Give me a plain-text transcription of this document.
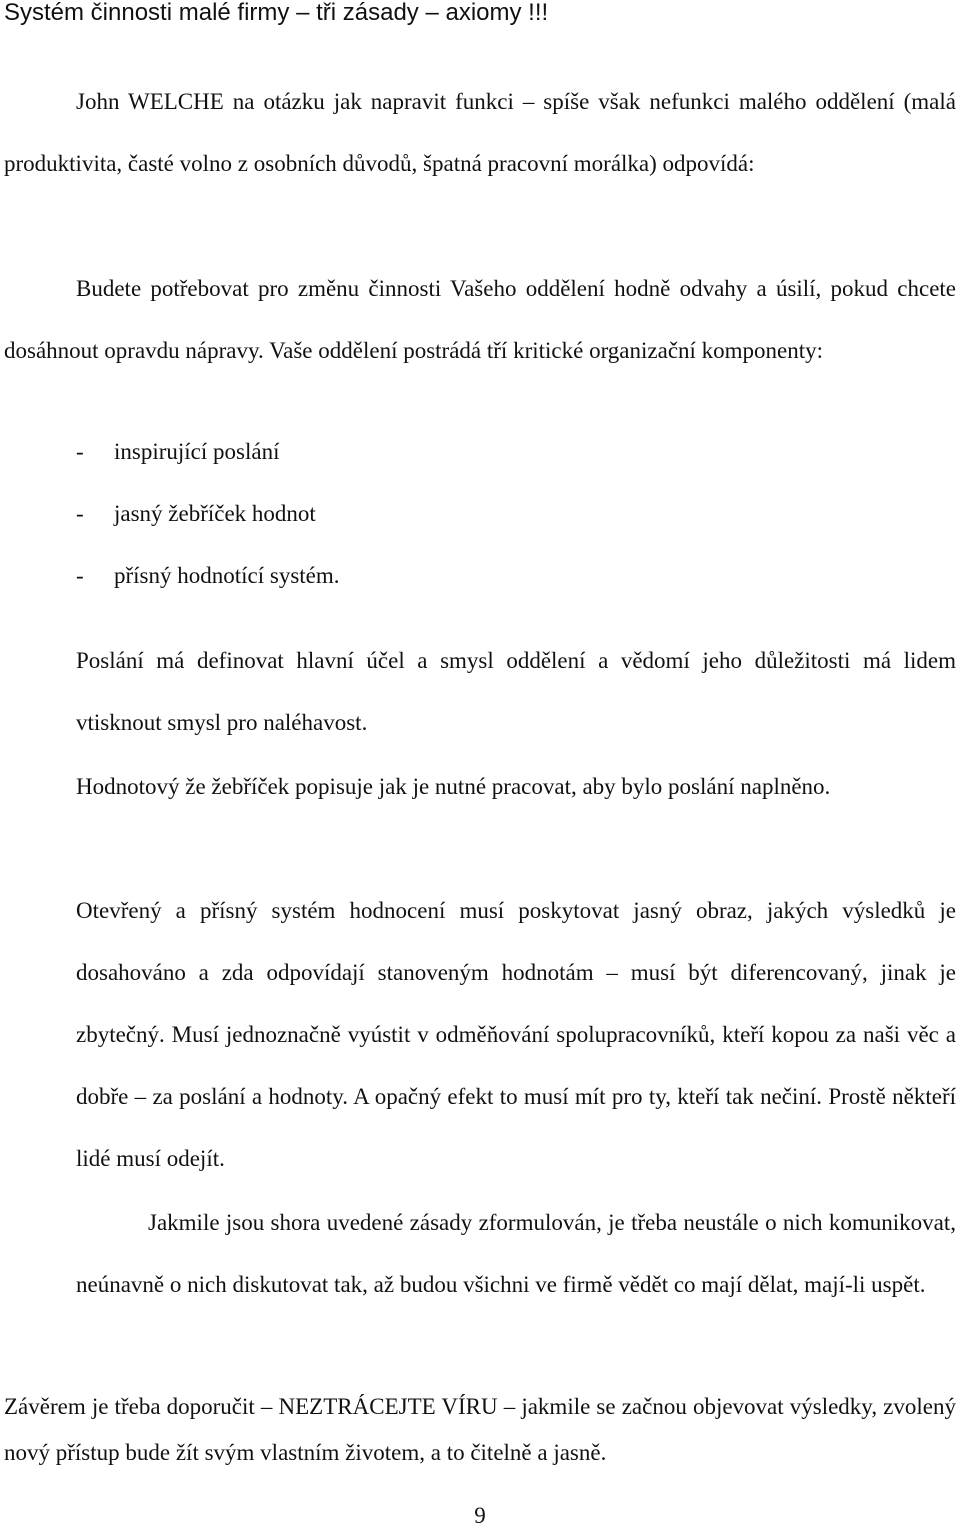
Systém činnosti malé firmy – tři zásady – axiomy !!!

John WELCHE na otázku jak napravit funkci – spíše však nefunkci malého oddělení (malá produktivita, časté volno z osobních důvodů, špatná pracovní morálka) odpovídá:

Budete potřebovat pro změnu činnosti Vašeho oddělení hodně odvahy a úsilí, pokud chcete dosáhnout opravdu nápravy. Vaše oddělení postrádá tří kritické organizační komponenty:

- inspirující poslání
- jasný žebříček hodnot
- přísný hodnotící systém.

Poslání má definovat hlavní účel a smysl oddělení a vědomí jeho důležitosti má lidem vtisknout smysl pro naléhavost.

Hodnotový že žebříček popisuje jak je nutné pracovat, aby bylo poslání naplněno.

Otevřený a přísný systém hodnocení musí poskytovat jasný obraz, jakých výsledků je dosahováno a zda odpovídají stanoveným hodnotám – musí být diferencovaný, jinak je zbytečný. Musí jednoznačně vyústit v odměňování spolupracovníků, kteří kopou za naši věc a dobře – za poslání a hodnoty. A opačný efekt to musí mít pro ty, kteří tak nečiní. Prostě někteří lidé musí odejít.

Jakmile jsou shora uvedené zásady zformulován, je třeba neustále o nich komunikovat, neúnavně o nich diskutovat tak, až budou všichni ve firmě vědět co mají dělat, mají-li uspět.

Závěrem je třeba doporučit – NEZTRÁCEJTE VÍRU – jakmile se začnou objevovat výsledky, zvolený nový přístup bude žít svým vlastním životem, a to čitelně a jasně.

9
